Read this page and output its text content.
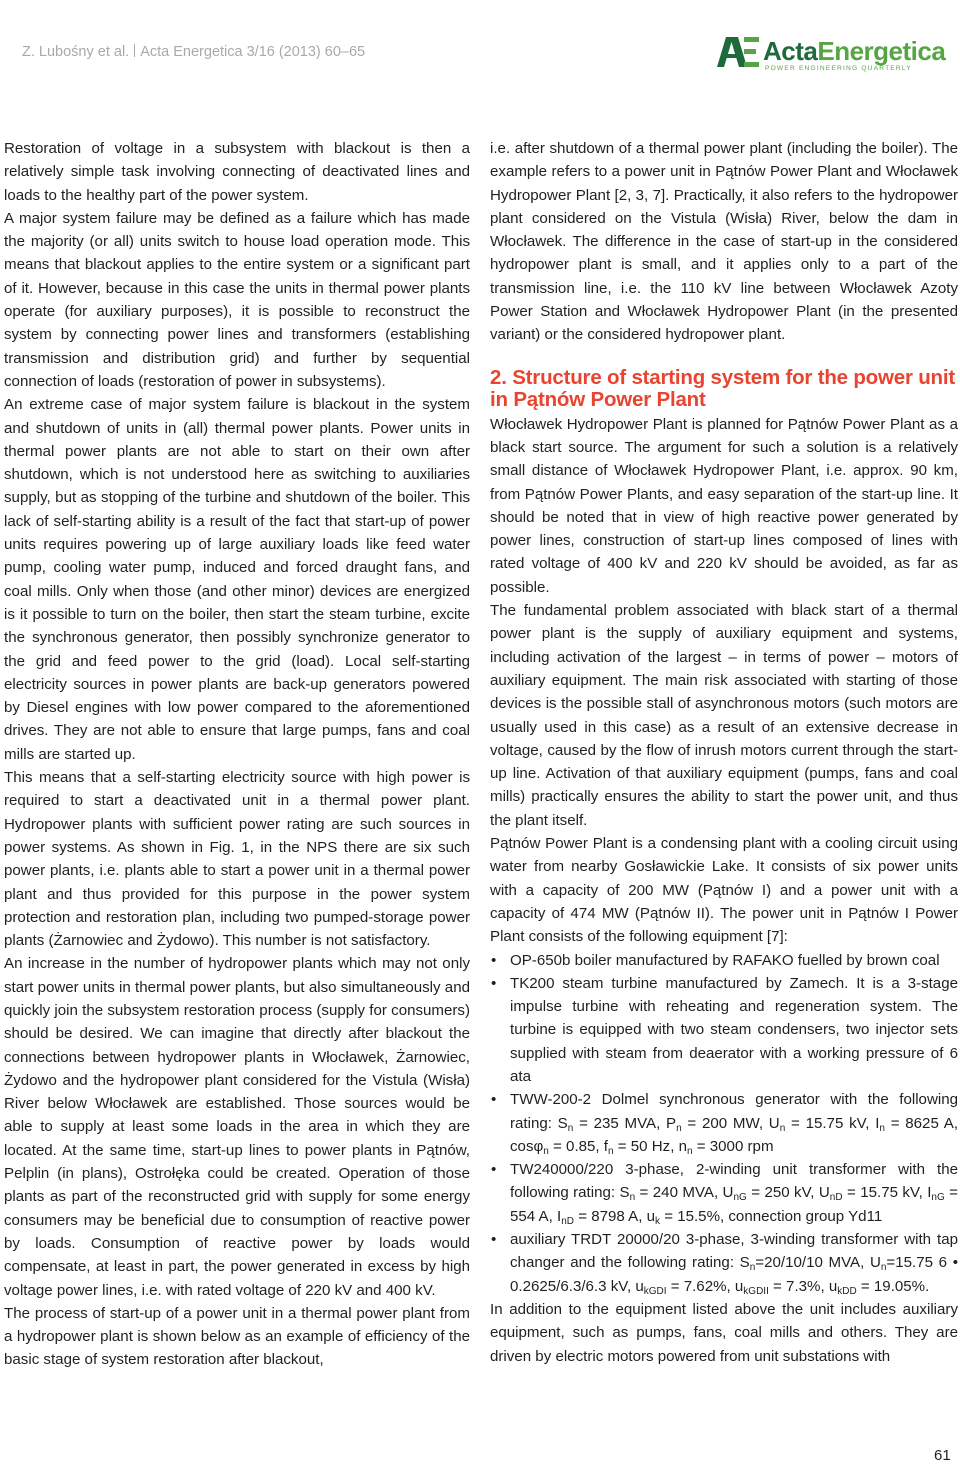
Z. Lubośny et al. Acta Energetica 3/16 (2013) 60–65	ActaEnergetica
POWER ENGINEERING QUARTERLY

Restoration of voltage in a subsystem with blackout is then a relatively simple task involving connecting of deactivated lines and loads to the healthy part of the power system.

A major system failure may be defined as a failure which has made the majority (or all) units switch to house load operation mode. This means that blackout applies to the entire system or a significant part of it. However, because in this case the units in thermal power plants operate (for auxiliary purposes), it is possible to reconstruct the system by connecting power lines and transformers (establishing transmission and distribution grid) and further by sequential connection of loads (restoration of power in subsystems).

An extreme case of major system failure is blackout in the system and shutdown of units in (all) thermal power plants. Power units in thermal power plants are not able to start on their own after shutdown, which is not understood here as switching to auxiliaries supply, but as stopping of the turbine and shutdown of the boiler. This lack of self-starting ability is a result of the fact that start-up of power units requires powering up of large auxiliary loads like feed water pump, cooling water pump, induced and forced draught fans, and coal mills. Only when those (and other minor) devices are energized is it possible to turn on the boiler, then start the steam turbine, excite the synchronous generator, then possibly synchronize generator to the grid and feed power to the grid (load). Local self-starting electricity sources in power plants are back-up generators powered by Diesel engines with low power compared to the aforementioned drives. They are not able to ensure that large pumps, fans and coal mills are started up.

This means that a self-starting electricity source with high power is required to start a deactivated unit in a thermal power plant. Hydropower plants with sufficient power rating are such sources in power systems. As shown in Fig. 1, in the NPS there are six such power plants, i.e. plants able to start a power unit in a thermal power plant and thus provided for this purpose in the power system protection and restoration plan, including two pumped-storage power plants (Żarnowiec and Żydowo). This number is not satisfactory.

An increase in the number of hydropower plants which may not only start power units in thermal power plants, but also simultaneously and quickly join the subsystem restoration process (supply for consumers) should be desired. We can imagine that directly after blackout the connections between hydropower plants in Włocławek, Żarnowiec, Żydowo and the hydropower plant considered for the Vistula (Wisła) River below Włocławek are established. Those sources would be able to supply at least some loads in the area in which they are located. At the same time, start-up lines to power plants in Pątnów, Pelplin (in plans), Ostrołęka could be created. Operation of those plants as part of the reconstructed grid with supply for some energy consumers may be beneficial due to consumption of reactive power by loads. Consumption of reactive power by loads would compensate, at least in part, the power generated in excess by high voltage power lines, i.e. with rated voltage of 220 kV and 400 kV.

The process of start-up of a power unit in a thermal power plant from a hydropower plant is shown below as an example of efficiency of the basic stage of system restoration after blackout,

i.e. after shutdown of a thermal power plant (including the boiler). The example refers to a power unit in Pątnów Power Plant and Włocławek Hydropower Plant [2, 3, 7]. Practically, it also refers to the hydropower plant considered on the Vistula (Wisła) River, below the dam in Włocławek. The difference in the case of start-up in the considered hydropower plant is small, and it applies only to a part of the transmission line, i.e. the 110 kV line between Włocławek Azoty Power Station and Włocławek Hydropower Plant (in the presented variant) or the considered hydropower plant.

2. Structure of starting system for the power unit in Pątnów Power Plant

Włocławek Hydropower Plant is planned for Pątnów Power Plant as a black start source. The argument for such a solution is a relatively small distance of Włocławek Hydropower Plant, i.e. approx. 90 km, from Pątnów Power Plants, and easy separation of the start-up line. It should be noted that in view of high reactive power generated by power lines, construction of start-up lines composed of lines with rated voltage of 400 kV and 220 kV should be avoided, as far as possible.

The fundamental problem associated with black start of a thermal power plant is the supply of auxiliary equipment and systems, including activation of the largest – in terms of power – motors of auxiliary equipment. The main risk associated with starting of those devices is the possible stall of asynchronous motors (such motors are usually used in this case) as a result of an extensive decrease in voltage, caused by the flow of inrush motors current through the start-up line. Activation of that auxiliary equipment (pumps, fans and coal mills) practically ensures the ability to start the power unit, and thus the plant itself.

Pątnów Power Plant is a condensing plant with a cooling circuit using water from nearby Gosławickie Lake. It consists of six power units with a capacity of 200 MW (Pątnów I) and a power unit with a capacity of 474 MW (Pątnów II). The power unit in Pątnów I Power Plant consists of the following equipment [7]:

• OP-650b boiler manufactured by RAFAKO fuelled by brown coal
• TK200 steam turbine manufactured by Zamech. It is a 3-stage impulse turbine with reheating and regeneration system. The turbine is equipped with two steam condensers, two injector sets supplied with steam from deaerator with a working pressure of 6 ata
• TWW-200-2 Dolmel synchronous generator with the following rating: $S_n = 235$ MVA, $P_n = 200$ MW, $U_n = 15.75$ kV, $I_n = 8625$ A, cosφ$_n$ = 0.85, $f_n = 50$ Hz, $n_n = 3000$ rpm
• TW240000/220 3-phase, 2-winding unit transformer with the following rating: $S_n = 240$ MVA, $U_{nG} = 250$ kV, $U_{nD} = 15.75$ kV, $I_{nG} = 554$ A, $I_{nD} = 8798$ A, $u_k = 15.5\%$, connection group Yd11
• auxiliary TRDT 20000/20 3-phase, 3-winding transformer with tap changer and the following rating: $S_n=20/10/10$ MVA, $U_n=15.75$ 6 • 0.2625/6.3/6.3 kV, $u_{kGDI} = 7.62\%$, $u_{kGDII} = 7.3\%$, $u_{kDD} = 19.05\%$.

In addition to the equipment listed above the unit includes auxiliary equipment, such as pumps, fans, coal mills and others. They are driven by electric motors powered from unit substations with

61
